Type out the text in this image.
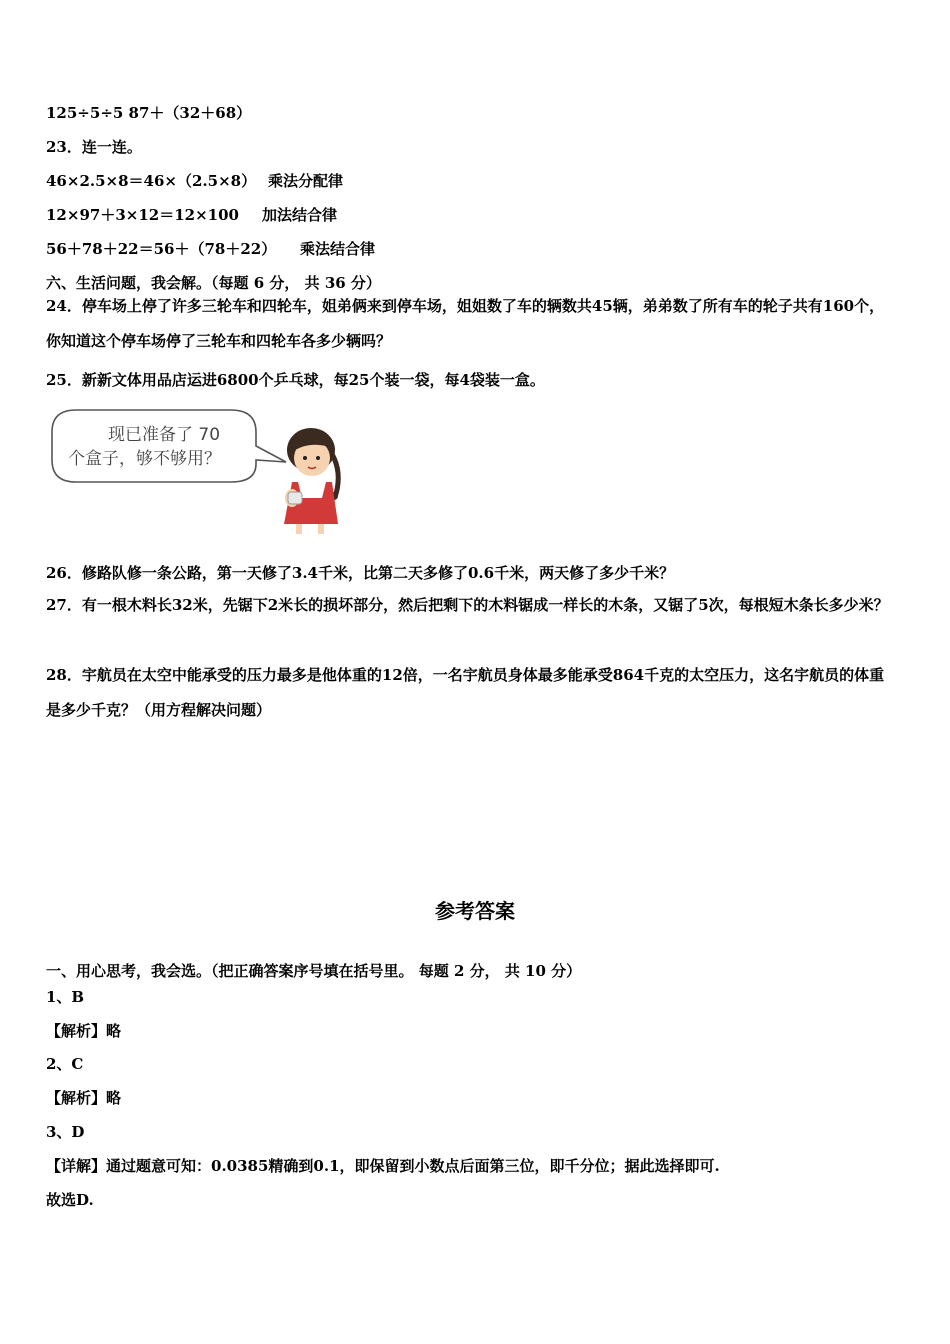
125÷5÷5 87＋（32＋68）
23．连一连。
46×2.5×8＝46×（2.5×8） 乘法分配律
12×97＋3×12＝12×100 加法结合律
56＋78＋22＝56＋（78＋22） 乘法结合律
六、生活问题，我会解。（每题 6 分， 共 36 分）
24．停车场上停了许多三轮车和四轮车，姐弟俩来到停车场，姐姐数了车的辆数共45辆，弟弟数了所有车的轮子共有160个，你知道这个停车场停了三轮车和四轮车各多少辆吗？
25．新新文体用品店运进6800个乒乓球，每25个装一袋，每4袋装一盒。
现已准备了 70
个盒子，够不够用？
26．修路队修一条公路，第一天修了3.4千米，比第二天多修了0.6千米，两天修了多少千米？
27．有一根木料长32米，先锯下2米长的损坏部分，然后把剩下的木料锯成一样长的木条，又锯了5次，每根短木条长多少米？
28．宇航员在太空中能承受的压力最多是他体重的12倍，一名宇航员身体最多能承受864千克的太空压力，这名宇航员的体重是多少千克？（用方程解决问题）
参考答案
一、用心思考，我会选。（把正确答案序号填在括号里。 每题 2 分， 共 10 分）
1、B
【解析】略
2、C
【解析】略
3、D
【详解】通过题意可知：0.0385精确到0.1，即保留到小数点后面第三位，即千分位；据此选择即可.
故选D.
